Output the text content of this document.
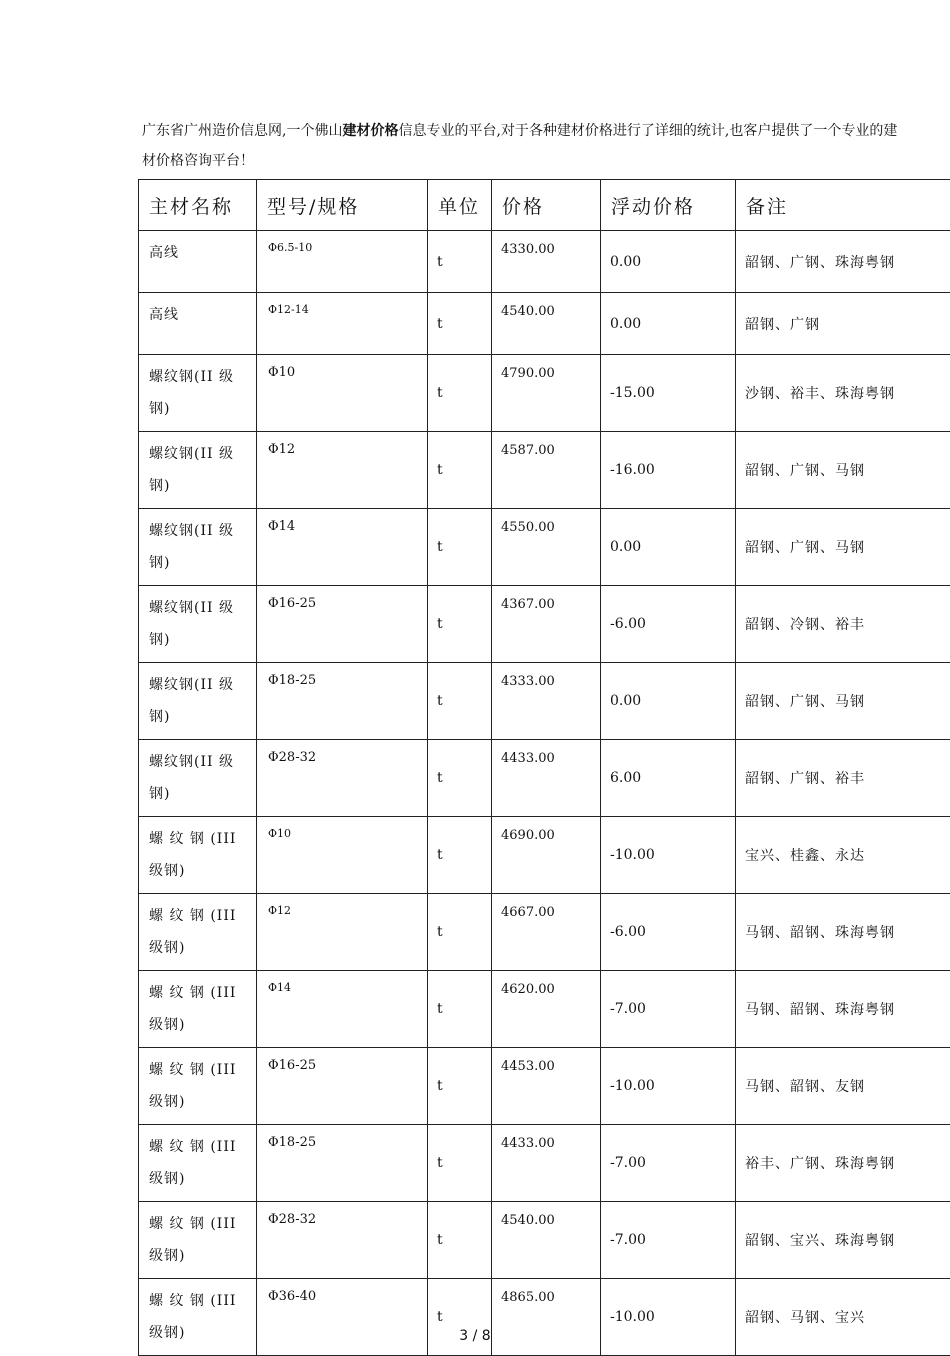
广东省广州造价信息网,一个佛山建材价格信息专业的平台,对于各种建材价格进行了详细的统计,也客户提供了一个专业的建材价格咨询平台！
主材名称	型号/规格	单位	价格	浮动价格	备注
高线	Φ6.5-10	t	4330.00	0.00	韶钢、广钢、珠海粤钢
高线	Φ12-14	t	4540.00	0.00	韶钢、广钢
螺纹钢(II 级钢)	Φ10	t	4790.00	-15.00	沙钢、裕丰、珠海粤钢
螺纹钢(II 级钢)	Φ12	t	4587.00	-16.00	韶钢、广钢、马钢
螺纹钢(II 级钢)	Φ14	t	4550.00	0.00	韶钢、广钢、马钢
螺纹钢(II 级钢)	Φ16-25	t	4367.00	-6.00	韶钢、冷钢、裕丰
螺纹钢(II 级钢)	Φ18-25	t	4333.00	0.00	韶钢、广钢、马钢
螺纹钢(II 级钢)	Φ28-32	t	4433.00	6.00	韶钢、广钢、裕丰
螺 纹 钢 (III 级钢)	Φ10	t	4690.00	-10.00	宝兴、桂鑫、永达
螺 纹 钢 (III 级钢)	Φ12	t	4667.00	-6.00	马钢、韶钢、珠海粤钢
螺 纹 钢 (III 级钢)	Φ14	t	4620.00	-7.00	马钢、韶钢、珠海粤钢
螺 纹 钢 (III 级钢)	Φ16-25	t	4453.00	-10.00	马钢、韶钢、友钢
螺 纹 钢 (III 级钢)	Φ18-25	t	4433.00	-7.00	裕丰、广钢、珠海粤钢
螺 纹 钢 (III 级钢)	Φ28-32	t	4540.00	-7.00	韶钢、宝兴、珠海粤钢
螺 纹 钢 (III 级钢)	Φ36-40	t	4865.00	-10.00	韶钢、马钢、宝兴
3 / 8
